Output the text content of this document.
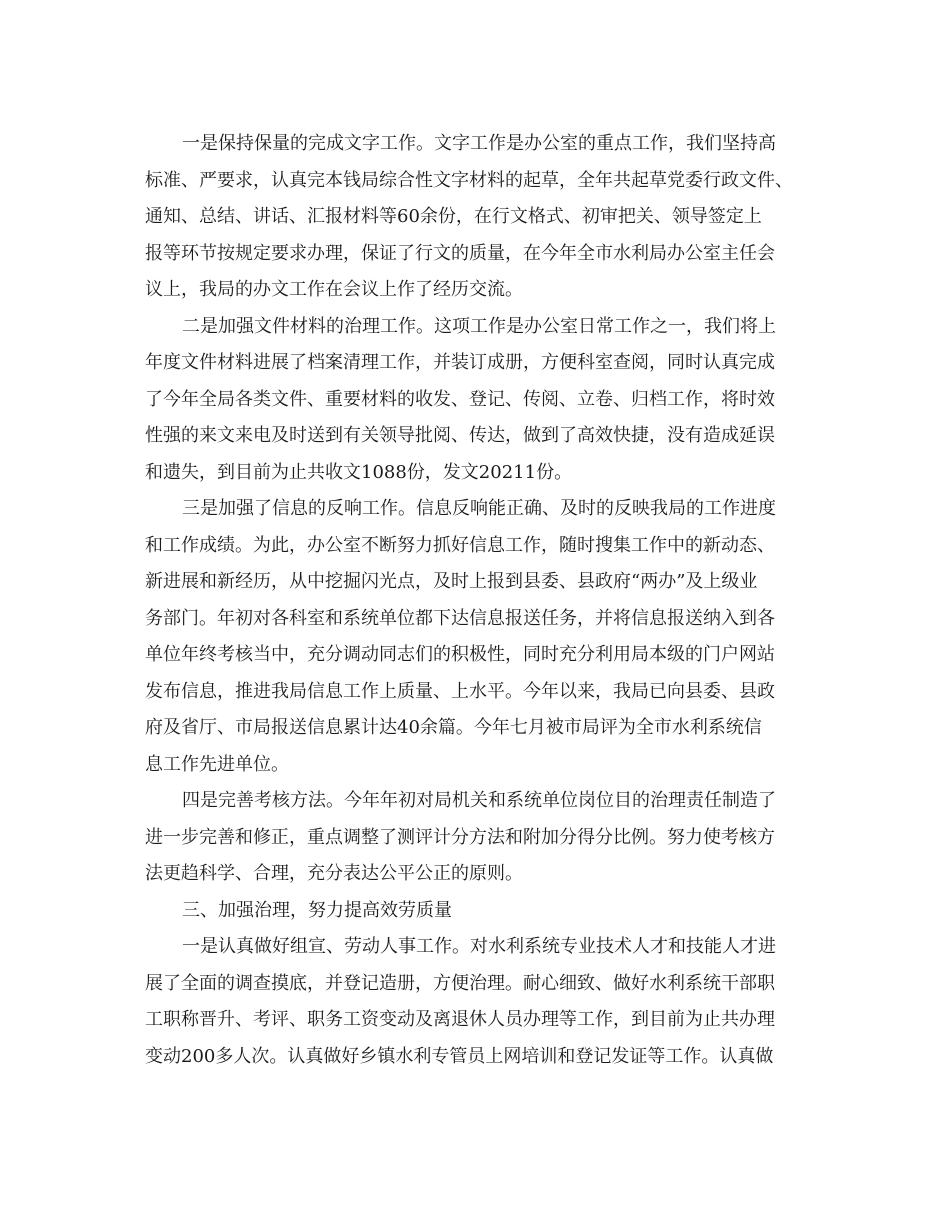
一是保持保量的完成文字工作。文字工作是办公室的重点工作，我们坚持高
标准、严要求，认真完本钱局综合性文字材料的起草，全年共起草党委行政文件、
通知、总结、讲话、汇报材料等60余份，在行文格式、初审把关、领导签定上
报等环节按规定要求办理，保证了行文的质量，在今年全市水利局办公室主任会
议上，我局的办文工作在会议上作了经历交流。
二是加强文件材料的治理工作。这项工作是办公室日常工作之一，我们将上
年度文件材料进展了档案清理工作，并装订成册，方便科室查阅，同时认真完成
了今年全局各类文件、重要材料的收发、登记、传阅、立卷、归档工作，将时效
性强的来文来电及时送到有关领导批阅、传达，做到了高效快捷，没有造成延误
和遗失，到目前为止共收文1088份，发文20211份。
三是加强了信息的反响工作。信息反响能正确、及时的反映我局的工作进度
和工作成绩。为此，办公室不断努力抓好信息工作，随时搜集工作中的新动态、
新进展和新经历，从中挖掘闪光点，及时上报到县委、县政府“两办”及上级业
务部门。年初对各科室和系统单位都下达信息报送任务，并将信息报送纳入到各
单位年终考核当中，充分调动同志们的积极性，同时充分利用局本级的门户网站
发布信息，推进我局信息工作上质量、上水平。今年以来，我局已向县委、县政
府及省厅、市局报送信息累计达40余篇。今年七月被市局评为全市水利系统信
息工作先进单位。
四是完善考核方法。今年年初对局机关和系统单位岗位目的治理责任制造了
进一步完善和修正，重点调整了测评计分方法和附加分得分比例。努力使考核方
法更趋科学、合理，充分表达公平公正的原则。
三、加强治理，努力提高效劳质量
一是认真做好组宣、劳动人事工作。对水利系统专业技术人才和技能人才进
展了全面的调查摸底，并登记造册，方便治理。耐心细致、做好水利系统干部职
工职称晋升、考评、职务工资变动及离退休人员办理等工作，到目前为止共办理
变动200多人次。认真做好乡镇水利专管员上网培训和登记发证等工作。认真做
